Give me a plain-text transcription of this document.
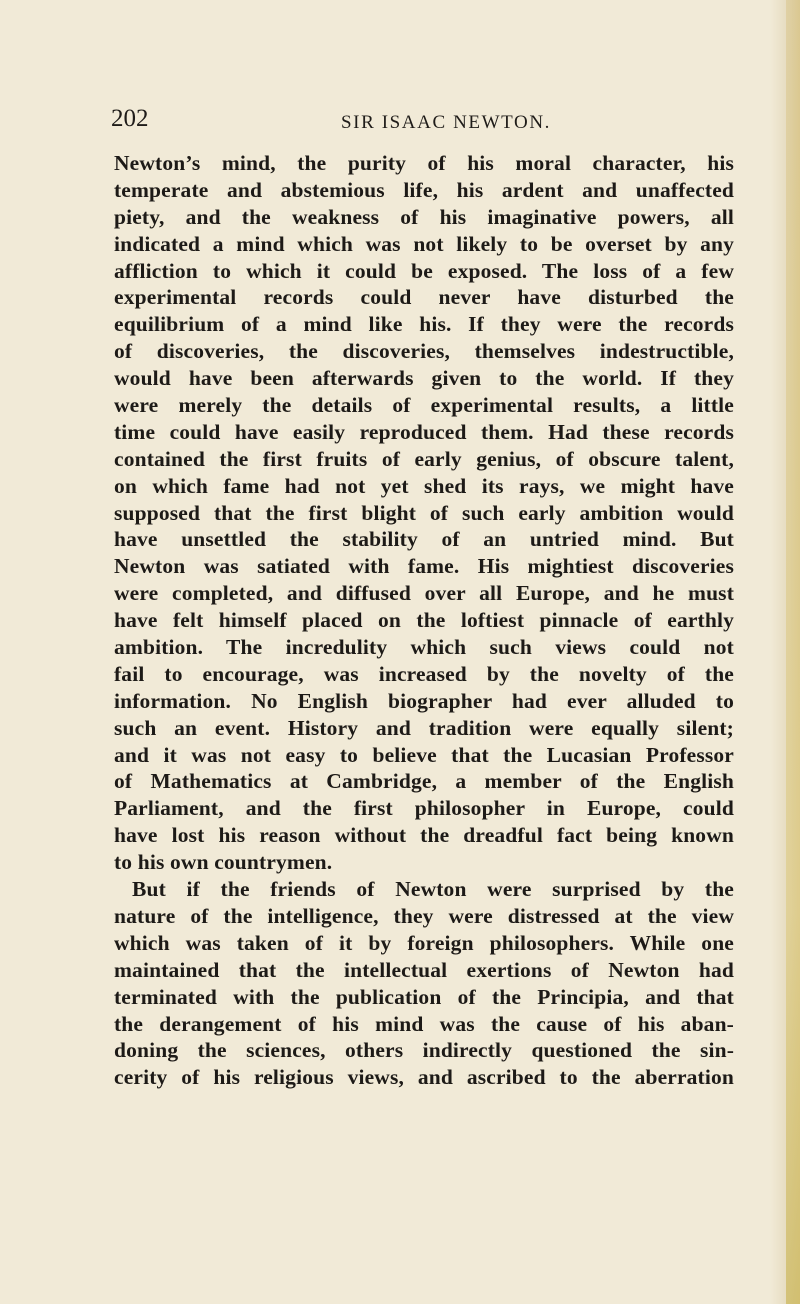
202	SIR ISAAC NEWTON.
Newton’s mind, the purity of his moral character, his
temperate and abstemious life, his ardent and unaffected
piety, and the weakness of his imaginative powers, all
indicated a mind which was not likely to be overset by any
affliction to which it could be exposed. The loss of a few
experimental records could never have disturbed the
equilibrium of a mind like his. If they were the records
of discoveries, the discoveries, themselves indestructible,
would have been afterwards given to the world. If they
were merely the details of experimental results, a little
time could have easily reproduced them. Had these records
contained the first fruits of early genius, of obscure talent,
on which fame had not yet shed its rays, we might have
supposed that the first blight of such early ambition would
have unsettled the stability of an untried mind. But
Newton was satiated with fame. His mightiest discoveries
were completed, and diffused over all Europe, and he must
have felt himself placed on the loftiest pinnacle of earthly
ambition. The incredulity which such views could not
fail to encourage, was increased by the novelty of the
information. No English biographer had ever alluded to
such an event. History and tradition were equally silent;
and it was not easy to believe that the Lucasian Professor
of Mathematics at Cambridge, a member of the English
Parliament, and the first philosopher in Europe, could
have lost his reason without the dreadful fact being known
to his own countrymen.
But if the friends of Newton were surprised by the
nature of the intelligence, they were distressed at the view
which was taken of it by foreign philosophers. While one
maintained that the intellectual exertions of Newton had
terminated with the publication of the Principia, and that
the derangement of his mind was the cause of his aban-
doning the sciences, others indirectly questioned the sin-
cerity of his religious views, and ascribed to the aberration
